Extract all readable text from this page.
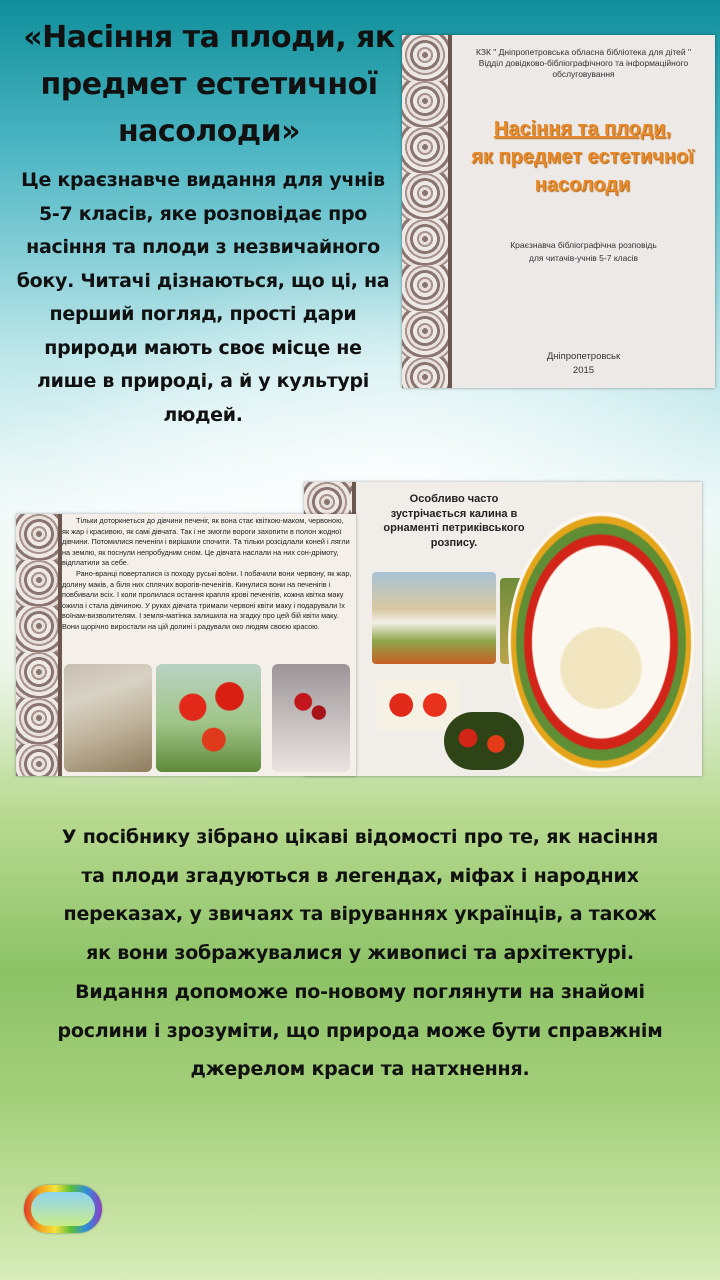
«Насіння та плоди, як предмет естетичної насолоди»
Це краєзнавче видання для учнів 5-7 класів, яке розповідає про насіння та плоди з незвичайного боку. Читачі дізнаються, що ці, на перший погляд, прості дари природи мають своє місце не лише в природі, а й у культурі людей.
КЗК " Дніпропетровська обласна бібліотека для дітей "
Відділ довідково-бібліографічного та інформаційного обслуговування
Насіння та плоди,
як предмет естетичної
насолоди
Краєзнавча бібліографічна розповідь
для читачів-учнів 5-7 класів
Дніпропетровськ
2015
Особливо часто зустрічається калина в орнаменті петриківського розпису.

Тільки доторкнеться до дівчини печеніг, як вона стає квіткою-маком, червоною, як жар і красивою, як самі дівчата. Так і не змогли вороги захопити в полон жодної дівчини. Потомилися печеніги і вирішили спочити. Та тільки розсідлали коней і лягли на землю, як поснули непробудним сном. Це дівчата наслали на них сон-дрімоту, відплатили за себе.

Рано-вранці поверталися із походу руські воїни. І побачили вони червону, як жар, долину маків, а біля них сплячих ворогів-печенігів. Кинулися вони на печенігів і повбивали всіх. І коли пролилася остання крапля крові печенігів, кожна квітка маку ожила і стала дівчиною. У руках дівчата тримали червоні квіти маку і подарували їх воїнам-визволителям. І земля-матінка залишила на згадку про цей бій квіти маку. Вони щорічно виростали на цій долині і радували око людям своєю красою.

У посібнику зібрано цікаві відомості про те, як насіння та плоди згадуються в легендах, міфах і народних переказах, у звичаях та віруваннях українців, а також як вони зображувалися у живописі та архітектурі. Видання допоможе по-новому поглянути на знайомі рослини і зрозуміти, що природа може бути справжнім джерелом краси та натхнення.
